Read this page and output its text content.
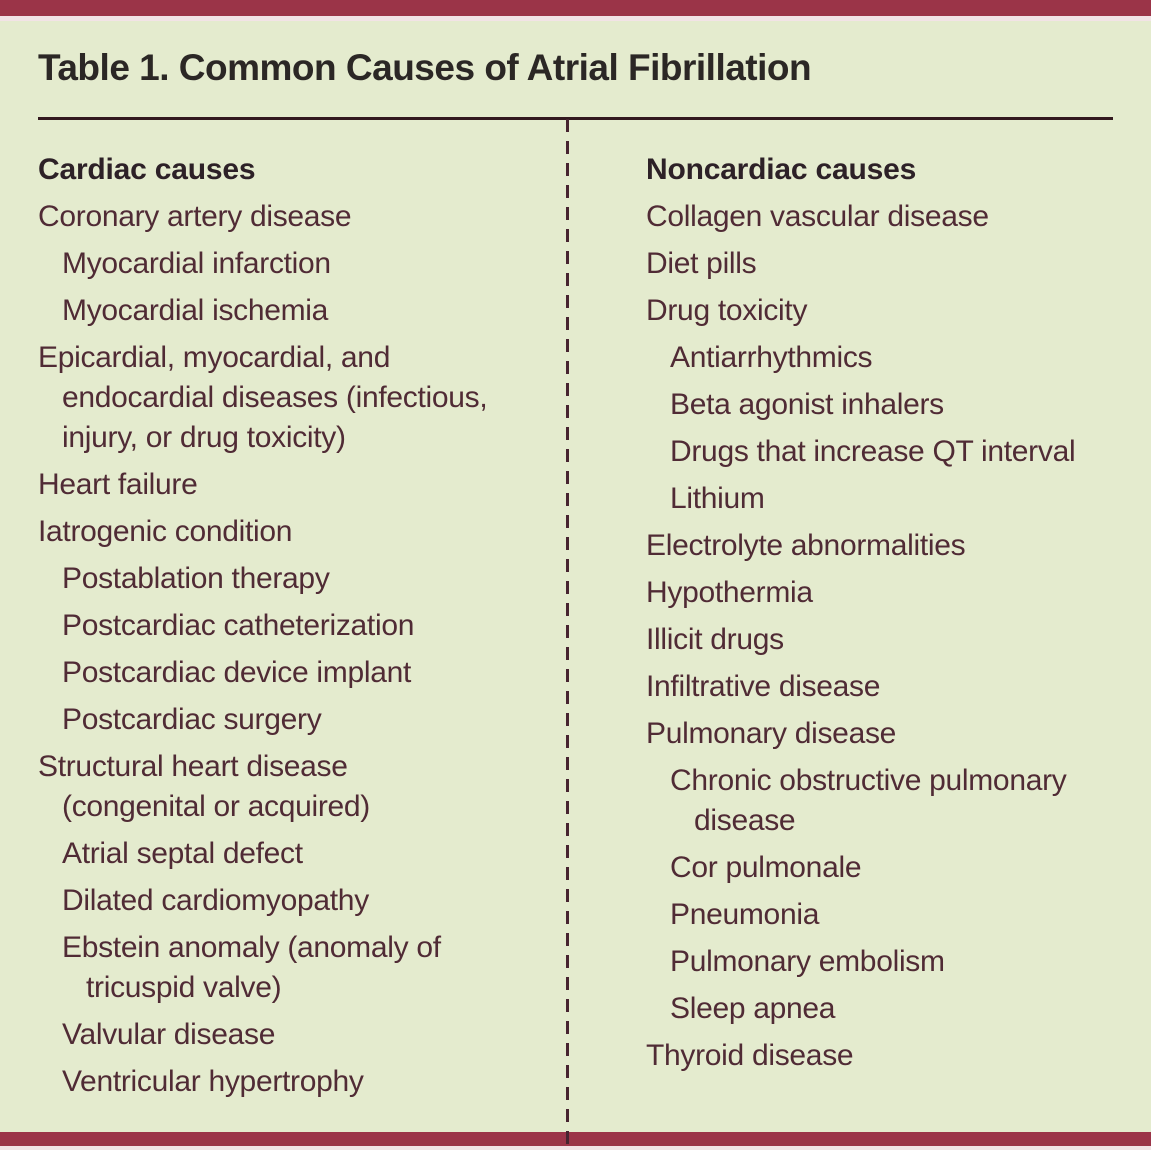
Table 1. Common Causes of Atrial Fibrillation
Cardiac causes
Coronary artery disease
Myocardial infarction
Myocardial ischemia
Epicardial, myocardial, and
endocardial diseases (infectious,
injury, or drug toxicity)
Heart failure
Iatrogenic condition
Postablation therapy
Postcardiac catheterization
Postcardiac device implant
Postcardiac surgery
Structural heart disease
(congenital or acquired)
Atrial septal defect
Dilated cardiomyopathy
Ebstein anomaly (anomaly of
tricuspid valve)
Valvular disease
Ventricular hypertrophy
Noncardiac causes
Collagen vascular disease
Diet pills
Drug toxicity
Antiarrhythmics
Beta agonist inhalers
Drugs that increase QT interval
Lithium
Electrolyte abnormalities
Hypothermia
Illicit drugs
Infiltrative disease
Pulmonary disease
Chronic obstructive pulmonary
disease
Cor pulmonale
Pneumonia
Pulmonary embolism
Sleep apnea
Thyroid disease
